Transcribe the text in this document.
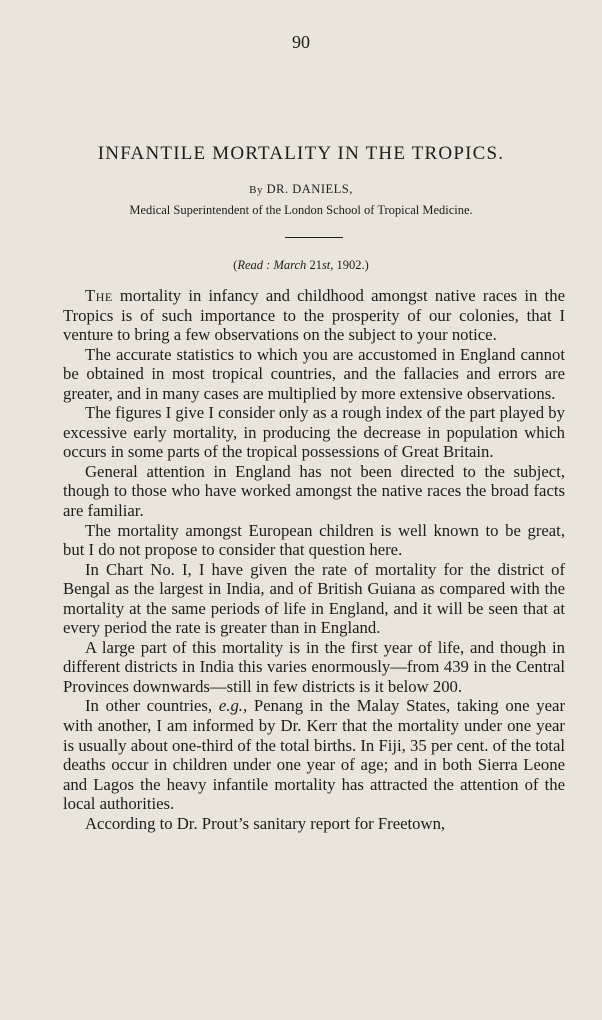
90
INFANTILE MORTALITY IN THE TROPICS.
By DR. DANIELS,
Medical Superintendent of the London School of Tropical Medicine.
(Read : March 21st, 1902.)

The mortality in infancy and childhood amongst native races in the Tropics is of such importance to the prosperity of our colonies, that I venture to bring a few observations on the subject to your notice.

The accurate statistics to which you are accustomed in England cannot be obtained in most tropical countries, and the fallacies and errors are greater, and in many cases are multiplied by more extensive observations.

The figures I give I consider only as a rough index of the part played by excessive early mortality, in producing the decrease in population which occurs in some parts of the tropical possessions of Great Britain.

General attention in England has not been directed to the subject, though to those who have worked amongst the native races the broad facts are familiar.

The mortality amongst European children is well known to be great, but I do not propose to consider that question here.

In Chart No. I, I have given the rate of mortality for the district of Bengal as the largest in India, and of British Guiana as compared with the mortality at the same periods of life in England, and it will be seen that at every period the rate is greater than in England.

A large part of this mortality is in the first year of life, and though in different districts in India this varies enormously—from 439 in the Central Provinces downwards—still in few districts is it below 200.

In other countries, e.g., Penang in the Malay States, taking one year with another, I am informed by Dr. Kerr that the mortality under one year is usually about one-third of the total births. In Fiji, 35 per cent. of the total deaths occur in children under one year of age; and in both Sierra Leone and Lagos the heavy infantile mortality has attracted the attention of the local authorities.

According to Dr. Prout’s sanitary report for Freetown,
